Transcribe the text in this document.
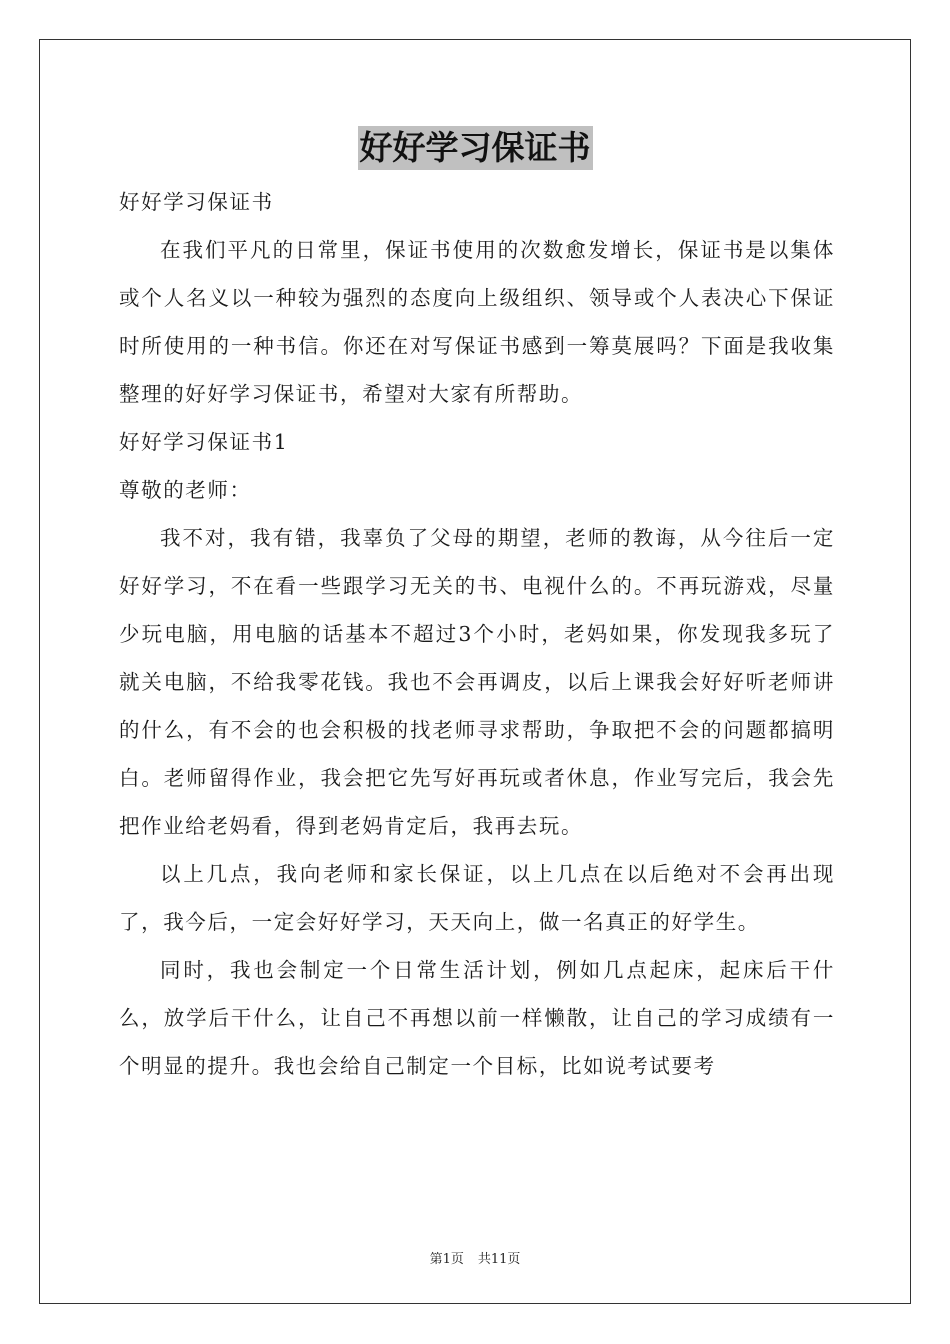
好好学习保证书

好好学习保证书

在我们平凡的日常里，保证书使用的次数愈发增长，保证书是以集体或个人名义以一种较为强烈的态度向上级组织、领导或个人表决心下保证时所使用的一种书信。你还在对写保证书感到一筹莫展吗？下面是我收集整理的好好学习保证书，希望对大家有所帮助。

好好学习保证书1

尊敬的老师：

我不对，我有错，我辜负了父母的期望，老师的教诲，从今往后一定好好学习，不在看一些跟学习无关的书、电视什么的。不再玩游戏，尽量少玩电脑，用电脑的话基本不超过3个小时，老妈如果，你发现我多玩了就关电脑，不给我零花钱。我也不会再调皮，以后上课我会好好听老师讲的什么，有不会的也会积极的找老师寻求帮助，争取把不会的问题都搞明白。老师留得作业，我会把它先写好再玩或者休息，作业写完后，我会先把作业给老妈看，得到老妈肯定后，我再去玩。

以上几点，我向老师和家长保证，以上几点在以后绝对不会再出现了，我今后，一定会好好学习，天天向上，做一名真正的好学生。

同时，我也会制定一个日常生活计划，例如几点起床，起床后干什么，放学后干什么，让自己不再想以前一样懒散，让自己的学习成绩有一个明显的提升。我也会给自己制定一个目标，比如说考试要考

第1页 共11页
